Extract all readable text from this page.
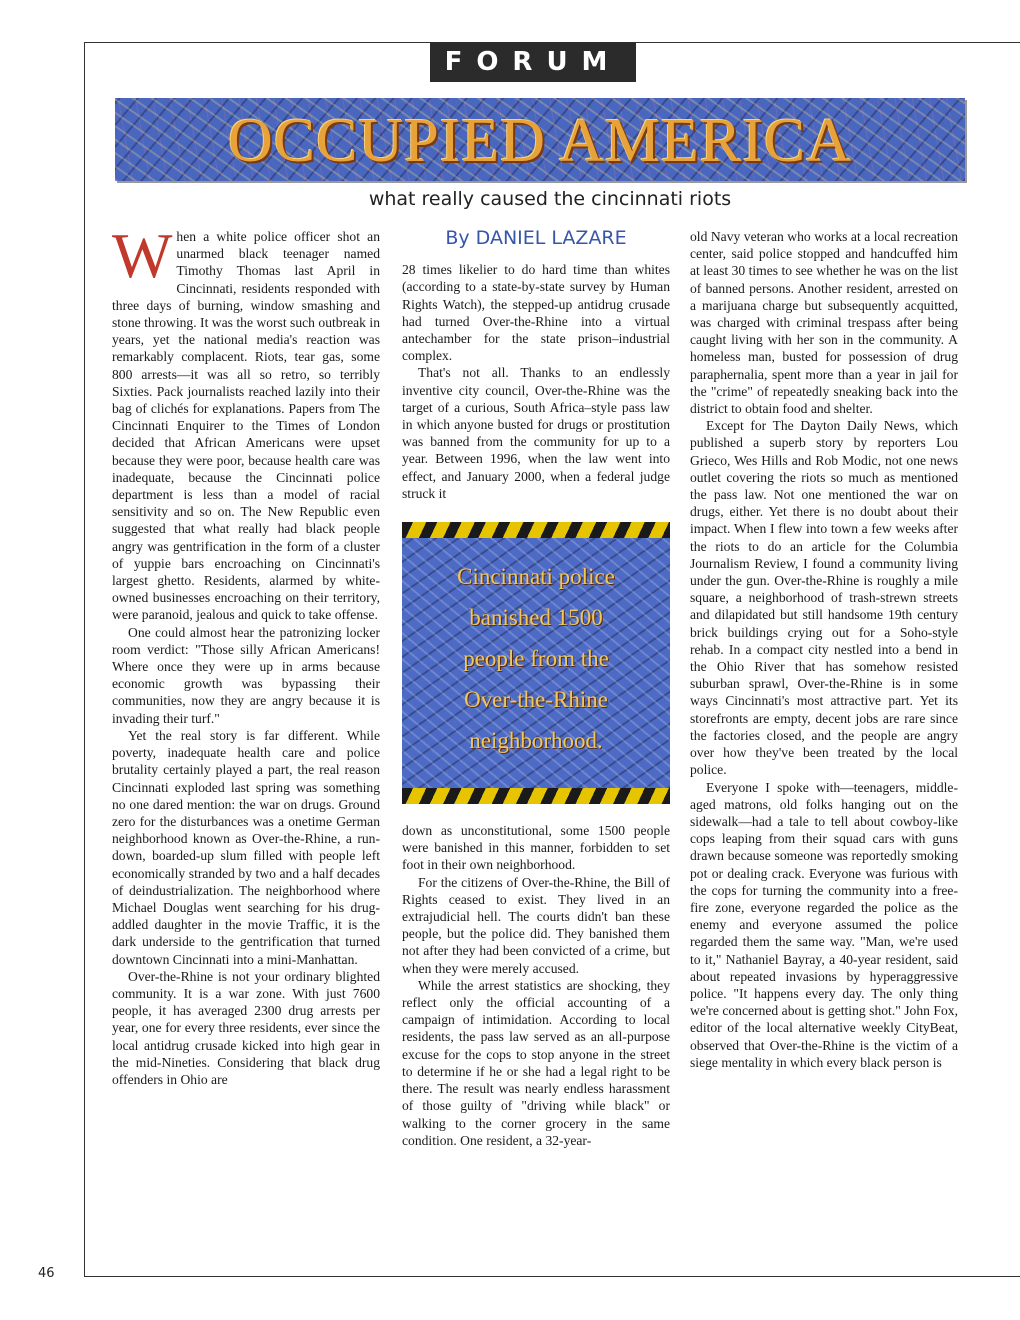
FORUM
OCCUPIED AMERICA
what really caused the cincinnati riots

When a white police officer shot an unarmed black teenager named Timothy Thomas last April in Cincinnati, residents responded with three days of burning, window smashing and stone throwing. It was the worst such outbreak in years, yet the national media's reaction was remarkably complacent. Riots, tear gas, some 800 arrests—it was all so retro, so terribly Sixties. Pack journalists reached lazily into their bag of clichés for explanations. Papers from The Cincinnati Enquirer to the Times of London decided that African Americans were upset because they were poor, because health care was inadequate, because the Cincinnati police department is less than a model of racial sensitivity and so on. The New Republic even suggested that what really had black people angry was gentrification in the form of a cluster of yuppie bars encroaching on Cincinnati's largest ghetto. Residents, alarmed by white-owned businesses encroaching on their territory, were paranoid, jealous and quick to take offense.

One could almost hear the patronizing locker room verdict: "Those silly African Americans! Where once they were up in arms because economic growth was bypassing their communities, now they are angry because it is invading their turf."

Yet the real story is far different. While poverty, inadequate health care and police brutality certainly played a part, the real reason Cincinnati exploded last spring was something no one dared mention: the war on drugs. Ground zero for the disturbances was a onetime German neighborhood known as Over-the-Rhine, a run-down, boarded-up slum filled with people left economically stranded by two and a half decades of deindustrialization. The neighborhood where Michael Douglas went searching for his drug-addled daughter in the movie Traffic, it is the dark underside to the gentrification that turned downtown Cincinnati into a mini-Manhattan.

Over-the-Rhine is not your ordinary blighted community. It is a war zone. With just 7600 people, it has averaged 2300 drug arrests per year, one for every three residents, ever since the local antidrug crusade kicked into high gear in the mid-Nineties. Considering that black drug offenders in Ohio are

By DANIEL LAZARE

28 times likelier to do hard time than whites (according to a state-by-state survey by Human Rights Watch), the stepped-up antidrug crusade had turned Over-the-Rhine into a virtual antechamber for the state prison–industrial complex.

That's not all. Thanks to an endlessly inventive city council, Over-the-Rhine was the target of a curious, South Africa–style pass law in which anyone busted for drugs or prostitution was banned from the community for up to a year. Between 1996, when the law went into effect, and January 2000, when a federal judge struck it

Cincinnati police
banished 1500
people from the
Over-the-Rhine
neighborhood.

down as unconstitutional, some 1500 people were banished in this manner, forbidden to set foot in their own neighborhood.

For the citizens of Over-the-Rhine, the Bill of Rights ceased to exist. They lived in an extrajudicial hell. The courts didn't ban these people, but the police did. They banished them not after they had been convicted of a crime, but when they were merely accused.

While the arrest statistics are shocking, they reflect only the official accounting of a campaign of intimidation. According to local residents, the pass law served as an all-purpose excuse for the cops to stop anyone in the street to determine if he or she had a legal right to be there. The result was nearly endless harassment of those guilty of "driving while black" or walking to the corner grocery in the same condition. One resident, a 32-year-

old Navy veteran who works at a local recreation center, said police stopped and handcuffed him at least 30 times to see whether he was on the list of banned persons. Another resident, arrested on a marijuana charge but subsequently acquitted, was charged with criminal trespass after being caught living with her son in the community. A homeless man, busted for possession of drug paraphernalia, spent more than a year in jail for the "crime" of repeatedly sneaking back into the district to obtain food and shelter.

Except for The Dayton Daily News, which published a superb story by reporters Lou Grieco, Wes Hills and Rob Modic, not one news outlet covering the riots so much as mentioned the pass law. Not one mentioned the war on drugs, either. Yet there is no doubt about their impact. When I flew into town a few weeks after the riots to do an article for the Columbia Journalism Review, I found a community living under the gun. Over-the-Rhine is roughly a mile square, a neighborhood of trash-strewn streets and dilapidated but still handsome 19th century brick buildings crying out for a Soho-style rehab. In a compact city nestled into a bend in the Ohio River that has somehow resisted suburban sprawl, Over-the-Rhine is in some ways Cincinnati's most attractive part. Yet its storefronts are empty, decent jobs are rare since the factories closed, and the people are angry over how they've been treated by the local police.

Everyone I spoke with—teenagers, middle-aged matrons, old folks hanging out on the sidewalk—had a tale to tell about cowboy-like cops leaping from their squad cars with guns drawn because someone was reportedly smoking pot or dealing crack. Everyone was furious with the cops for turning the community into a free-fire zone, everyone regarded the police as the enemy and everyone assumed the police regarded them the same way. "Man, we're used to it," Nathaniel Bayray, a 40-year resident, said about repeated invasions by hyperaggressive police. "It happens every day. The only thing we're concerned about is getting shot." John Fox, editor of the local alternative weekly CityBeat, observed that Over-the-Rhine is the victim of a siege mentality in which every black person is

46
